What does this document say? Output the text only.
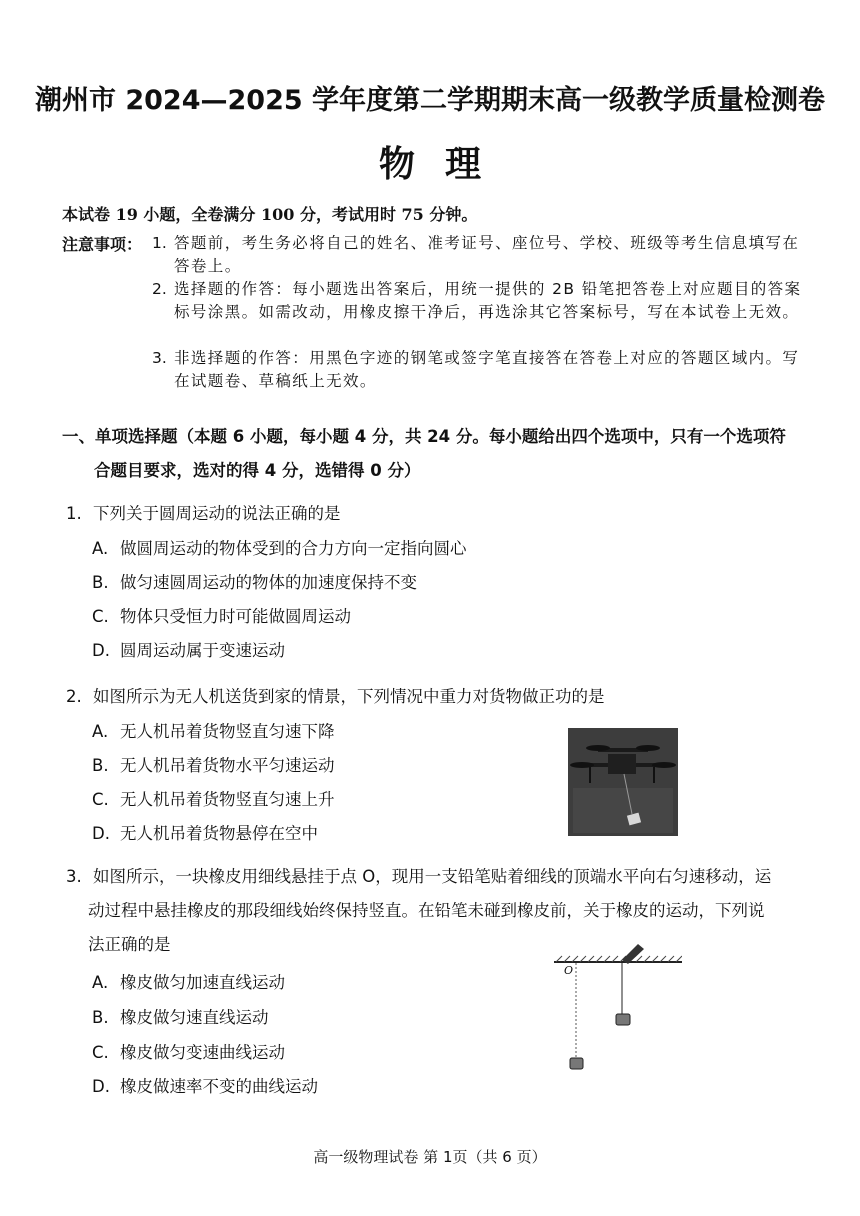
潮州市 2024—2025 学年度第二学期期末高一级教学质量检测卷
物理
本试卷 19 小题，全卷满分 100 分，考试用时 75 分钟。
注意事项： 1. 答题前，考生务必将自己的姓名、准考证号、座位号、学校、班级等考生信息填写在答卷上。
2. 选择题的作答：每小题选出答案后，用统一提供的 2B 铅笔把答卷上对应题目的答案标号涂黑。如需改动，用橡皮擦干净后，再选涂其它答案标号，写在本试卷上无效。
3. 非选择题的作答：用黑色字迹的钢笔或签字笔直接答在答卷上对应的答题区域内。写在试题卷、草稿纸上无效。
一、单项选择题（本题 6 小题，每小题 4 分，共 24 分。每小题给出四个选项中，只有一个选项符
合题目要求，选对的得 4 分，选错得 0 分）
1. 下列关于圆周运动的说法正确的是
A. 做圆周运动的物体受到的合力方向一定指向圆心
B. 做匀速圆周运动的物体的加速度保持不变
C. 物体只受恒力时可能做圆周运动
D. 圆周运动属于变速运动
2. 如图所示为无人机送货到家的情景，下列情况中重力对货物做正功的是
A. 无人机吊着货物竖直匀速下降
B. 无人机吊着货物水平匀速运动
C. 无人机吊着货物竖直匀速上升
D. 无人机吊着货物悬停在空中
3. 如图所示，一块橡皮用细线悬挂于点 O，现用一支铅笔贴着细线的顶端水平向右匀速移动，运
动过程中悬挂橡皮的那段细线始终保持竖直。在铅笔未碰到橡皮前，关于橡皮的运动，下列说
法正确的是
A. 橡皮做匀加速直线运动
B. 橡皮做匀速直线运动
C. 橡皮做匀变速曲线运动
D. 橡皮做速率不变的曲线运动
O
高一级物理试卷 第 1页（共 6 页）
